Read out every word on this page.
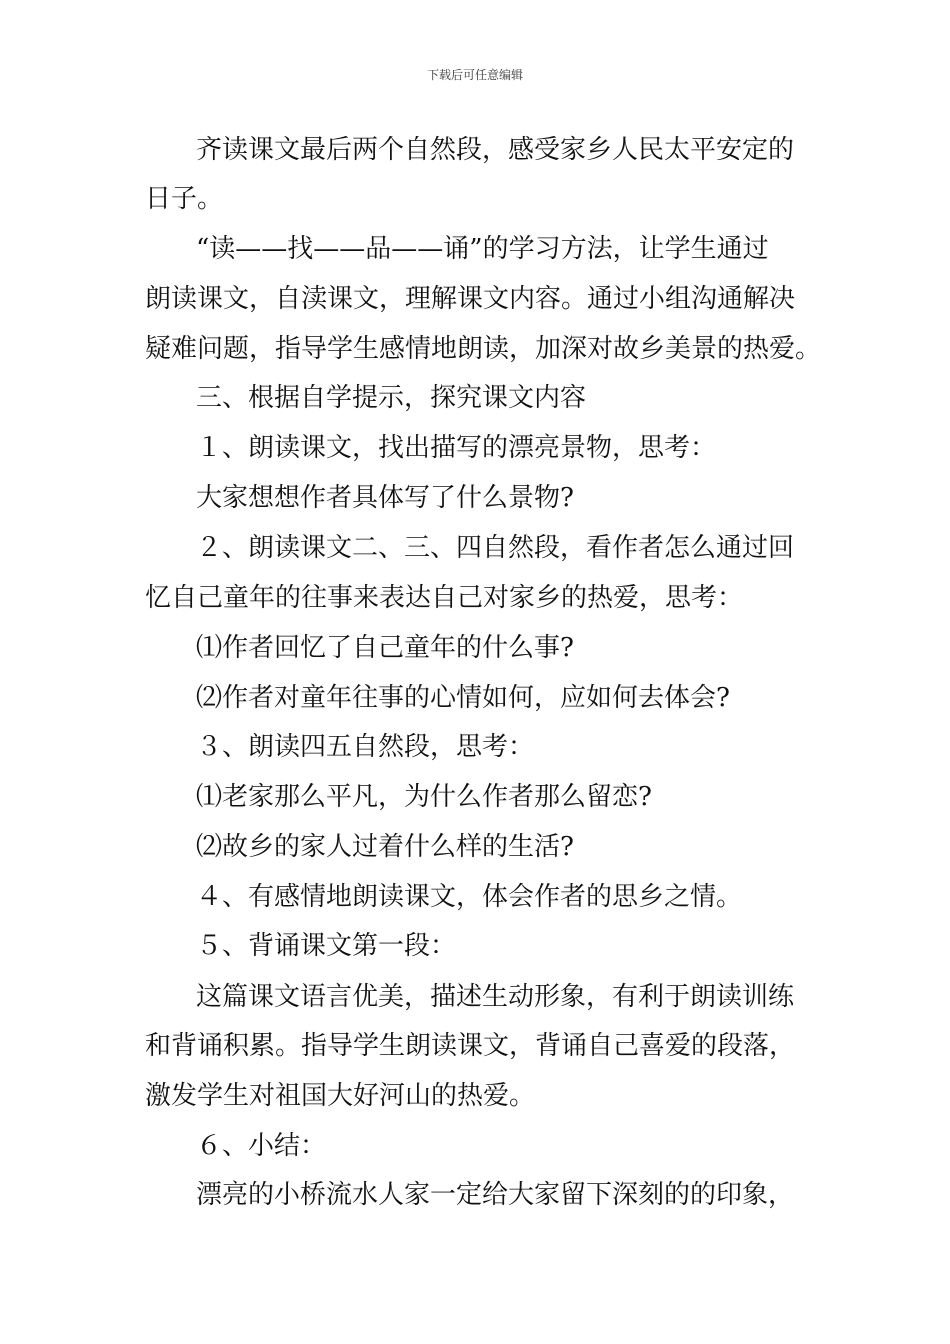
下载后可任意编辑
齐读课文最后两个自然段，感受家乡人民太平安定的
日子。
“读——找——品——诵”的学习方法，让学生通过
朗读课文，自渎课文，理解课文内容。通过小组沟通解决
疑难问题，指导学生感情地朗读，加深对故乡美景的热爱。
三、根据自学提示，探究课文内容
１、朗读课文，找出描写的漂亮景物，思考：
大家想想作者具体写了什么景物?
２、朗读课文二、三、四自然段，看作者怎么通过回
忆自己童年的往事来表达自己对家乡的热爱，思考：
⑴作者回忆了自己童年的什么事?
⑵作者对童年往事的心情如何，应如何去体会?
３、朗读四五自然段，思考：
⑴老家那么平凡，为什么作者那么留恋?
⑵故乡的家人过着什么样的生活?
４、有感情地朗读课文，体会作者的思乡之情。
５、背诵课文第一段：
这篇课文语言优美，描述生动形象，有利于朗读训练
和背诵积累。指导学生朗读课文，背诵自己喜爱的段落，
激发学生对祖国大好河山的热爱。
６、小结：
漂亮的小桥流水人家一定给大家留下深刻的的印象，
